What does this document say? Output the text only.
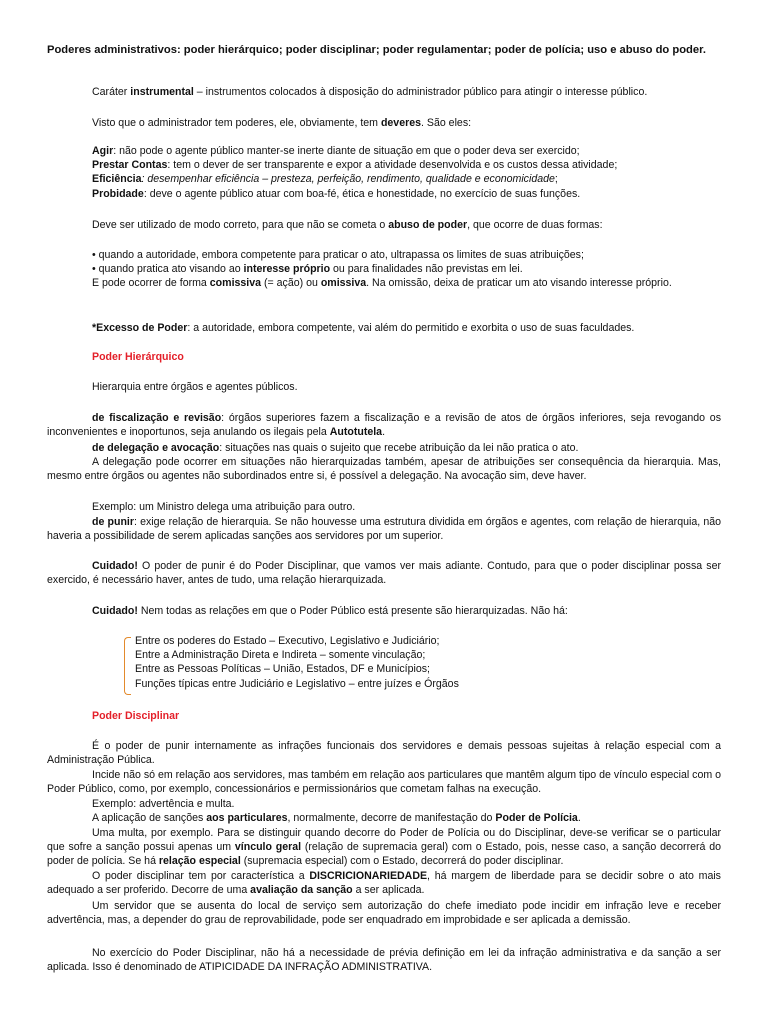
Poderes administrativos: poder hierárquico; poder disciplinar; poder regulamentar; poder de polícia; uso e abuso do poder.
Caráter instrumental – instrumentos colocados à disposição do administrador público para atingir o interesse público.
Visto que o administrador tem poderes, ele, obviamente, tem deveres. São eles:
Agir: não pode o agente público manter-se inerte diante de situação em que o poder deva ser exercido;
Prestar Contas: tem o dever de ser transparente e expor a atividade desenvolvida e os custos dessa atividade;
Eficiência: desempenhar eficiência – presteza, perfeição, rendimento, qualidade e economicidade;
Probidade: deve o agente público atuar com boa-fé, ética e honestidade, no exercício de suas funções.
Deve ser utilizado de modo correto, para que não se cometa o abuso de poder, que ocorre de duas formas:
• quando a autoridade, embora competente para praticar o ato, ultrapassa os limites de suas atribuições;
• quando pratica ato visando ao interesse próprio ou para finalidades não previstas em lei.
E pode ocorrer de forma comissiva (= ação) ou omissiva. Na omissão, deixa de praticar um ato visando interesse próprio.
*Excesso de Poder: a autoridade, embora competente, vai além do permitido e exorbita o uso de suas faculdades.
Poder Hierárquico
Hierarquia entre órgãos e agentes públicos.
de fiscalização e revisão: órgãos superiores fazem a fiscalização e a revisão de atos de órgãos inferiores, seja revogando os inconvenientes e inoportunos, seja anulando os ilegais pela Autotutela.
de delegação e avocação: situações nas quais o sujeito que recebe atribuição da lei não pratica o ato.
A delegação pode ocorrer em situações não hierarquizadas também, apesar de atribuições ser consequência da hierarquia. Mas, mesmo entre órgãos ou agentes não subordinados entre si, é possível a delegação. Na avocação sim, deve haver.
Exemplo: um Ministro delega uma atribuição para outro.
de punir: exige relação de hierarquia. Se não houvesse uma estrutura dividida em órgãos e agentes, com relação de hierarquia, não haveria a possibilidade de serem aplicadas sanções aos servidores por um superior.
Cuidado! O poder de punir é do Poder Disciplinar, que vamos ver mais adiante. Contudo, para que o poder disciplinar possa ser exercido, é necessário haver, antes de tudo, uma relação hierarquizada.
Cuidado! Nem todas as relações em que o Poder Público está presente são hierarquizadas. Não há:
Entre os poderes do Estado – Executivo, Legislativo e Judiciário;
Entre a Administração Direta e Indireta – somente vinculação;
Entre as Pessoas Políticas – União, Estados, DF e Municípios;
Funções típicas entre Judiciário e Legislativo – entre juízes e Órgãos
Poder Disciplinar
É o poder de punir internamente as infrações funcionais dos servidores e demais pessoas sujeitas à relação especial com a Administração Pública.
Incide não só em relação aos servidores, mas também em relação aos particulares que mantêm algum tipo de vínculo especial com o Poder Público, como, por exemplo, concessionários e permissionários que cometam falhas na execução.
Exemplo: advertência e multa.
A aplicação de sanções aos particulares, normalmente, decorre de manifestação do Poder de Polícia.
Uma multa, por exemplo. Para se distinguir quando decorre do Poder de Polícia ou do Disciplinar, deve-se verificar se o particular que sofre a sanção possui apenas um vínculo geral (relação de supremacia geral) com o Estado, pois, nesse caso, a sanção decorrerá do poder de polícia. Se há relação especial (supremacia especial) com o Estado, decorrerá do poder disciplinar.
O poder disciplinar tem por característica a DISCRICIONARIEDADE, há margem de liberdade para se decidir sobre o ato mais adequado a ser proferido. Decorre de uma avaliação da sanção a ser aplicada.
Um servidor que se ausenta do local de serviço sem autorização do chefe imediato pode incidir em infração leve e receber advertência, mas, a depender do grau de reprovabilidade, pode ser enquadrado em improbidade e ser aplicada a demissão.
No exercício do Poder Disciplinar, não há a necessidade de prévia definição em lei da infração administrativa e da sanção a ser aplicada. Isso é denominado de ATIPICIDADE DA INFRAÇÃO ADMINISTRATIVA.
